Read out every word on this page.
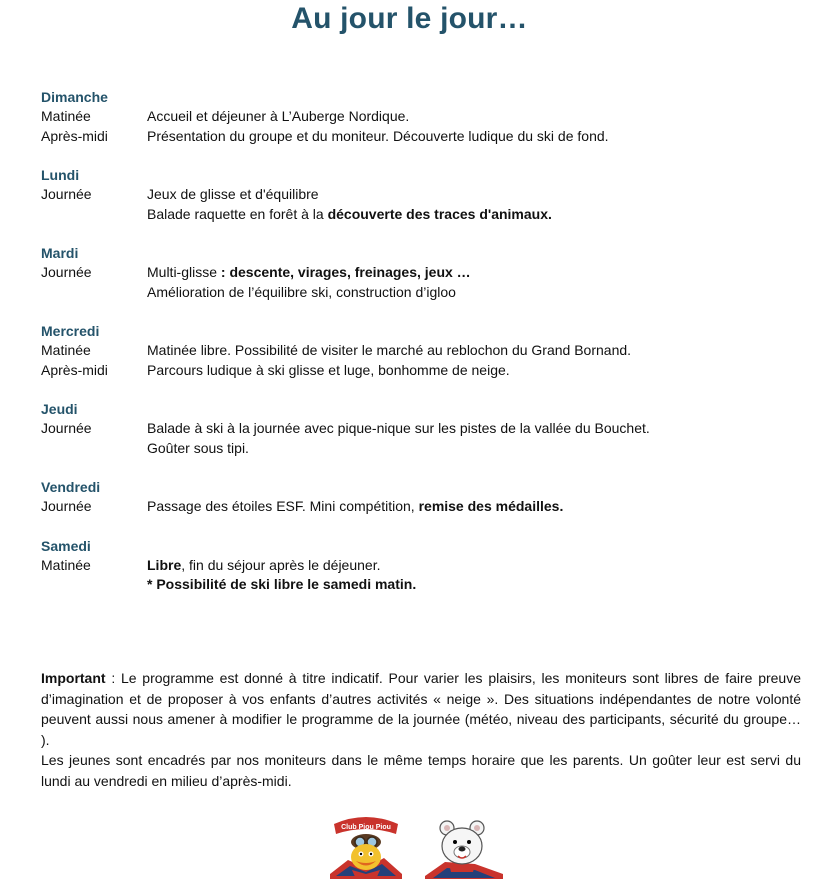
Au jour le jour…
Dimanche
Matinée	Accueil et déjeuner à L’Auberge Nordique.
Après-midi	Présentation du groupe et du moniteur. Découverte ludique du ski de fond.
Lundi
Journée	Jeux de glisse et d'équilibre
Balade raquette en forêt à la découverte des traces d'animaux.
Mardi
Journée	Multi-glisse : descente, virages, freinages, jeux …
Amélioration de l’équilibre ski, construction d’igloo
Mercredi
Matinée	Matinée libre. Possibilité de visiter le marché au reblochon du Grand Bornand.
Après-midi	Parcours ludique à ski glisse et luge, bonhomme de neige.
Jeudi
Journée	Balade à ski à la journée avec pique-nique sur les pistes de la vallée du Bouchet.
Goûter sous tipi.
Vendredi
Journée	Passage des étoiles ESF. Mini compétition, remise des médailles.
Samedi
Matinée	Libre, fin du séjour après le déjeuner.
* Possibilité de ski libre le samedi matin.

Important : Le programme est donné à titre indicatif. Pour varier les plaisirs, les moniteurs sont libres de faire preuve d’imagination et de proposer à vos enfants d’autres activités « neige ». Des situations indépendantes de notre volonté peuvent aussi nous amener à modifier le programme de la journée (météo, niveau des participants, sécurité du groupe… ).

Les jeunes sont encadrés par nos moniteurs dans le même temps horaire que les parents. Un goûter leur est servi du lundi au vendredi en milieu d’après-midi.

Club Piou Piou
